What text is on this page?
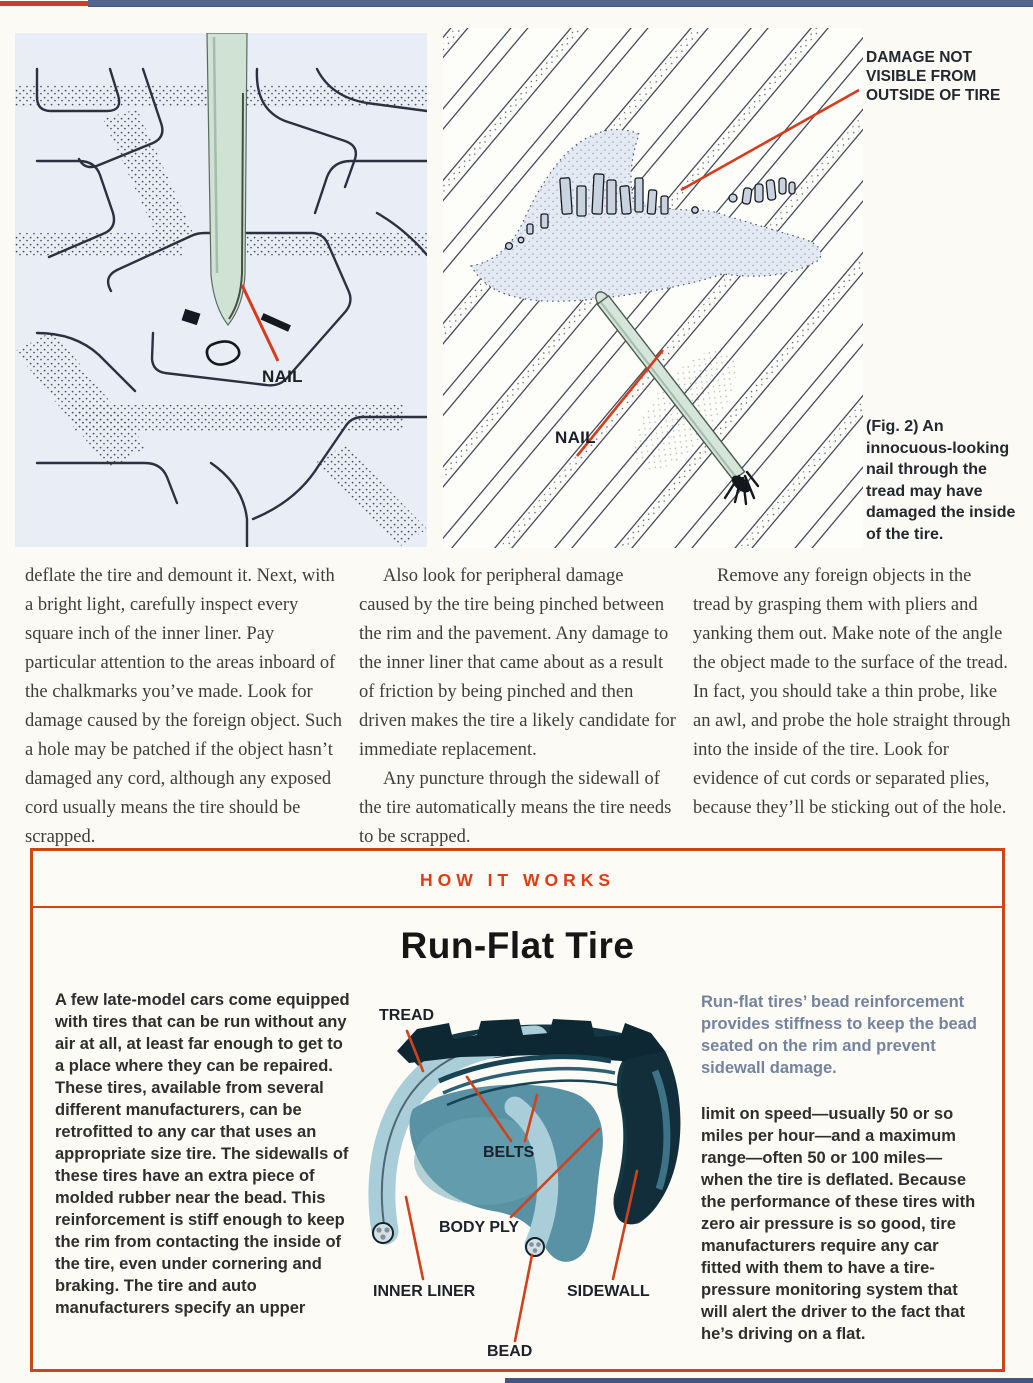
NAIL
NAIL
DAMAGE NOT VISIBLE FROM OUTSIDE OF TIRE
(Fig. 2) An innocuous-looking nail through the tread may have damaged the inside of the tire.

deflate the tire and demount it. Next, with a bright light, carefully inspect every square inch of the inner liner. Pay particular attention to the areas inboard of the chalkmarks you’ve made. Look for damage caused by the foreign object. Such a hole may be patched if the object hasn’t damaged any cord, although any exposed cord usually means the tire should be scrapped.

Also look for peripheral damage caused by the tire being pinched between the rim and the pavement. Any damage to the inner liner that came about as a result of friction by being pinched and then driven makes the tire a likely candidate for immediate replacement.

Any puncture through the sidewall of the tire automatically means the tire needs to be scrapped.

Remove any foreign objects in the tread by grasping them with pliers and yanking them out. Make note of the angle the object made to the surface of the tread. In fact, you should take a thin probe, like an awl, and probe the hole straight through into the inside of the tire. Look for evidence of cut cords or separated plies, because they’ll be sticking out of the hole.

HOW IT WORKS
Run-Flat Tire
A few late-model cars come equipped with tires that can be run without any air at all, at least far enough to get to a place where they can be repaired. These tires, available from several different manufacturers, can be retrofitted to any car that uses an appropriate size tire. The sidewalls of these tires have an extra piece of molded rubber near the bead. This reinforcement is stiff enough to keep the rim from contacting the inside of the tire, even under cornering and braking. The tire and auto manufacturers specify an upper
TREAD
BELTS
BODY PLY
INNER LINER	SIDEWALL
BEAD

Run-flat tires’ bead reinforcement provides stiffness to keep the bead seated on the rim and prevent sidewall damage.

limit on speed—usually 50 or so miles per hour—and a maximum range—often 50 or 100 miles—when the tire is deflated. Because the performance of these tires with zero air pressure is so good, tire manufacturers require any car fitted with them to have a tire-pressure monitoring system that will alert the driver to the fact that he’s driving on a flat.
